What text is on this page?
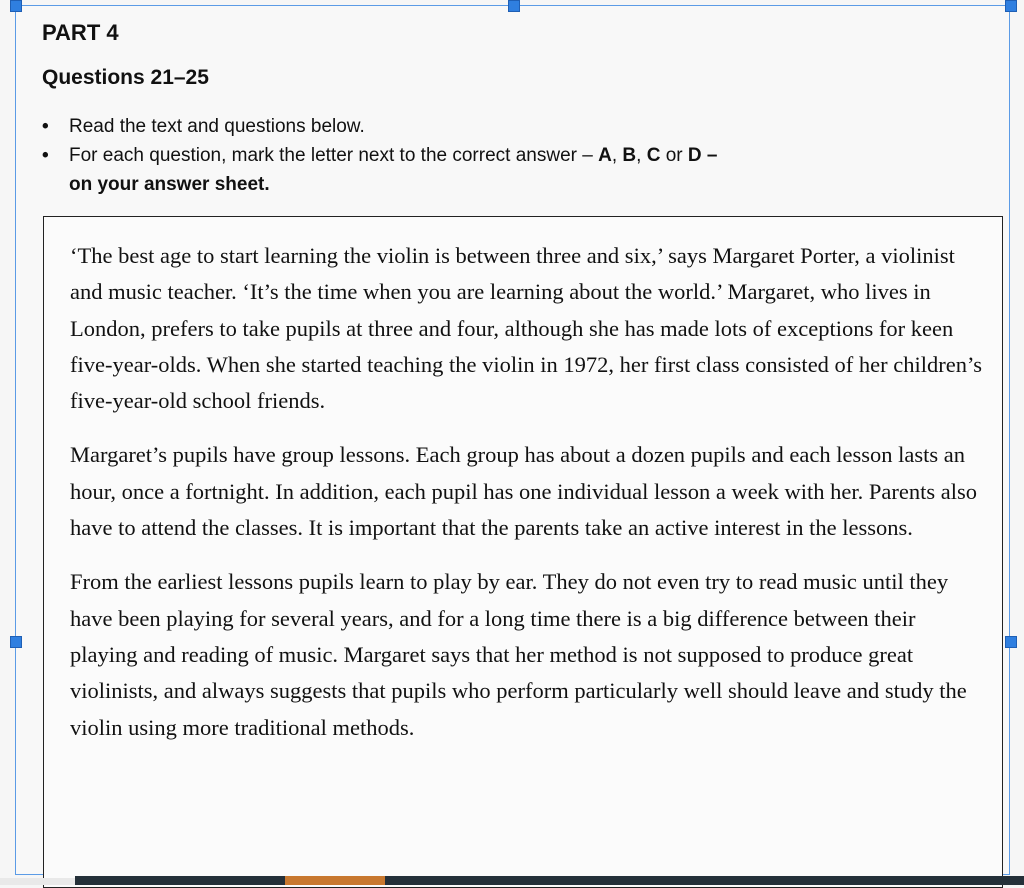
PART 4
Questions 21–25
• Read the text and questions below.
• For each question, mark the letter next to the correct answer – A, B, C or D –
on your answer sheet.

‘The best age to start learning the violin is between three and six,’ says Margaret Porter, a violinist and music teacher. ‘It’s the time when you are learning about the world.’ Margaret, who lives in London, prefers to take pupils at three and four, although she has made lots of exceptions for keen five-year-olds. When she started teaching the violin in 1972, her first class consisted of her children’s five-year-old school friends.

Margaret’s pupils have group lessons. Each group has about a dozen pupils and each lesson lasts an hour, once a fortnight. In addition, each pupil has one individual lesson a week with her. Parents also have to attend the classes. It is important that the parents take an active interest in the lessons.

From the earliest lessons pupils learn to play by ear. They do not even try to read music until they have been playing for several years, and for a long time there is a big difference between their playing and reading of music. Margaret says that her method is not supposed to produce great violinists, and always suggests that pupils who perform particularly well should leave and study the violin using more traditional methods.
